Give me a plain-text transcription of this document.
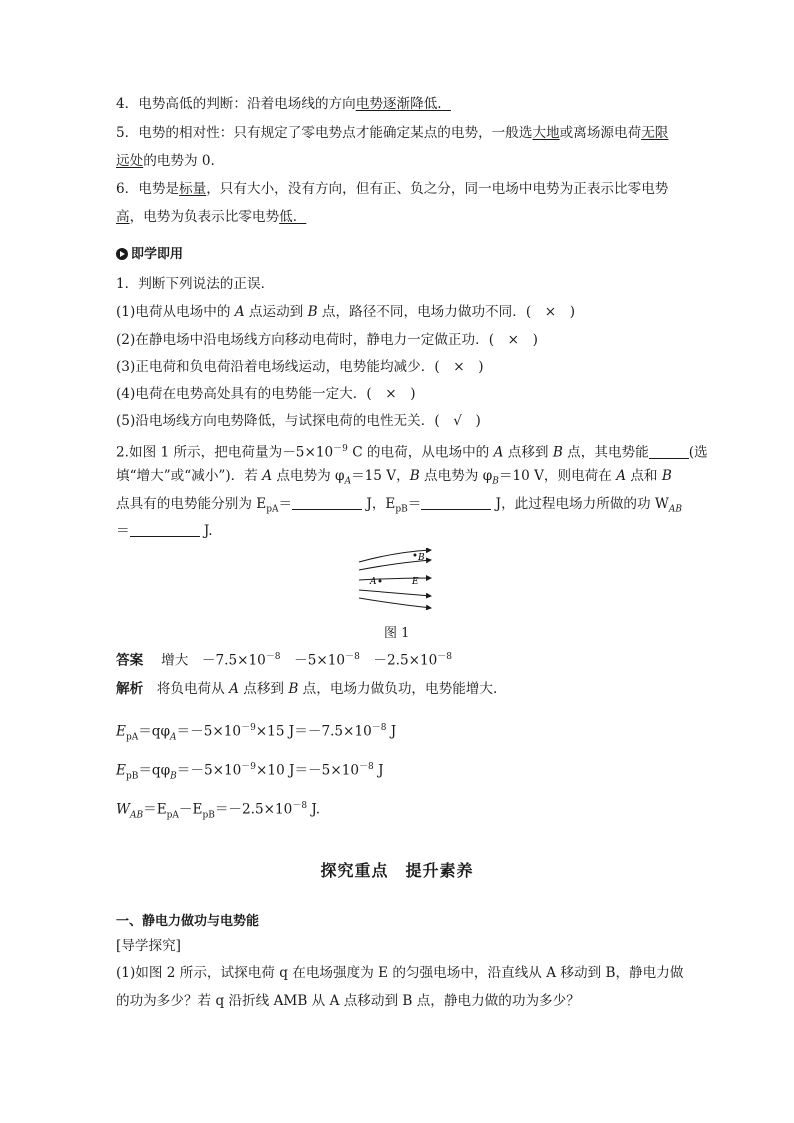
4．电势高低的判断：沿着电场线的方向电势逐渐降低．
5．电势的相对性：只有规定了零电势点才能确定某点的电势，一般选大地或离场源电荷无限
远处的电势为 0.
6．电势是标量，只有大小，没有方向，但有正、负之分，同一电场中电势为正表示比零电势
高，电势为负表示比零电势低．
即学即用
1．判断下列说法的正误．
(1)电荷从电场中的 A 点运动到 B 点，路径不同，电场力做功不同．(　×　)
(2)在静电场中沿电场线方向移动电荷时，静电力一定做正功．(　×　)
(3)正电荷和负电荷沿着电场线运动，电势能均减少．(　×　)
(4)电荷在电势高处具有的电势能一定大．(　×　)
(5)沿电场线方向电势降低，与试探电荷的电性无关．(　√　)
2.如图 1 所示，把电荷量为$-5\times 10^{-9}$ C 的电荷，从电场中的 A 点移到 B 点，其电势能	(选
填“增大”或“减小”)．若 A 点电势为 $\varphi_A=15$ V，B 点电势为 $\varphi_B=10$ V，则电荷在 A 点和 B
点具有的电势能分别为 $E_{pA}=$	J，$E_{pB}=$	J，此过程电场力所做的功 $W_{AB}$
＝	J.
A
B
E
图 1
答案　 增大　 $-7.5\times 10^{-8}$　 $-5\times 10^{-8}$　 $-2.5\times 10^{-8}$
解析　 将负电荷从 A 点移到 B 点，电场力做负功，电势能增大.
$E_{pA}=q\varphi_A=-5\times 10^{-9}\times 15$ $J=-7.5\times 10^{-8}$ J
$E_{pB}=q\varphi_B=-5\times 10^{-9}\times 10$ $J=-5\times 10^{-8}$ J
$W_{AB}=E_{pA}-E_{pB}=-2.5\times 10^{-8}$ J.
探究重点　提升素养
一、静电力做功与电势能
[导学探究]
(1)如图 2 所示，试探电荷 q 在电场强度为 E 的匀强电场中，沿直线从 A 移动到 B，静电力做
的功为多少？若 q 沿折线 AMB 从 A 点移动到 B 点，静电力做的功为多少？
